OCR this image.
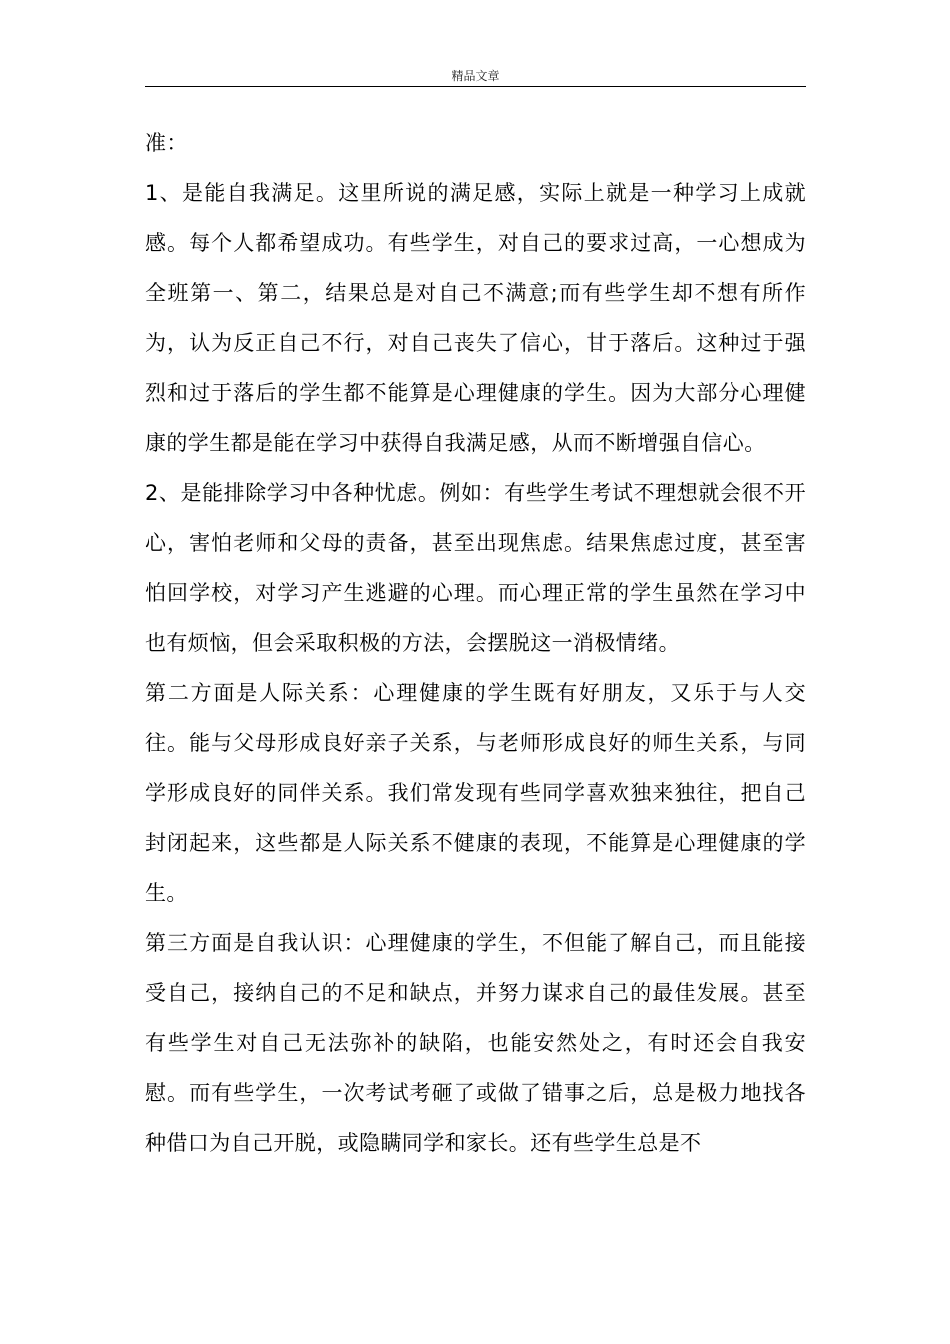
精品文章

准：

1、是能自我满足。这里所说的满足感，实际上就是一种学习上成就感。每个人都希望成功。有些学生，对自己的要求过高，一心想成为全班第一、第二，结果总是对自己不满意;而有些学生却不想有所作为，认为反正自己不行，对自己丧失了信心，甘于落后。这种过于强烈和过于落后的学生都不能算是心理健康的学生。因为大部分心理健康的学生都是能在学习中获得自我满足感，从而不断增强自信心。

2、是能排除学习中各种忧虑。例如：有些学生考试不理想就会很不开心，害怕老师和父母的责备，甚至出现焦虑。结果焦虑过度，甚至害怕回学校，对学习产生逃避的心理。而心理正常的学生虽然在学习中也有烦恼，但会采取积极的方法，会摆脱这一消极情绪。

第二方面是人际关系：心理健康的学生既有好朋友，又乐于与人交往。能与父母形成良好亲子关系，与老师形成良好的师生关系，与同学形成良好的同伴关系。我们常发现有些同学喜欢独来独往，把自己封闭起来，这些都是人际关系不健康的表现，不能算是心理健康的学生。

第三方面是自我认识：心理健康的学生，不但能了解自己，而且能接受自己，接纳自己的不足和缺点，并努力谋求自己的最佳发展。甚至有些学生对自己无法弥补的缺陷，也能安然处之，有时还会自我安慰。而有些学生，一次考试考砸了或做了错事之后，总是极力地找各种借口为自己开脱，或隐瞒同学和家长。还有些学生总是不
